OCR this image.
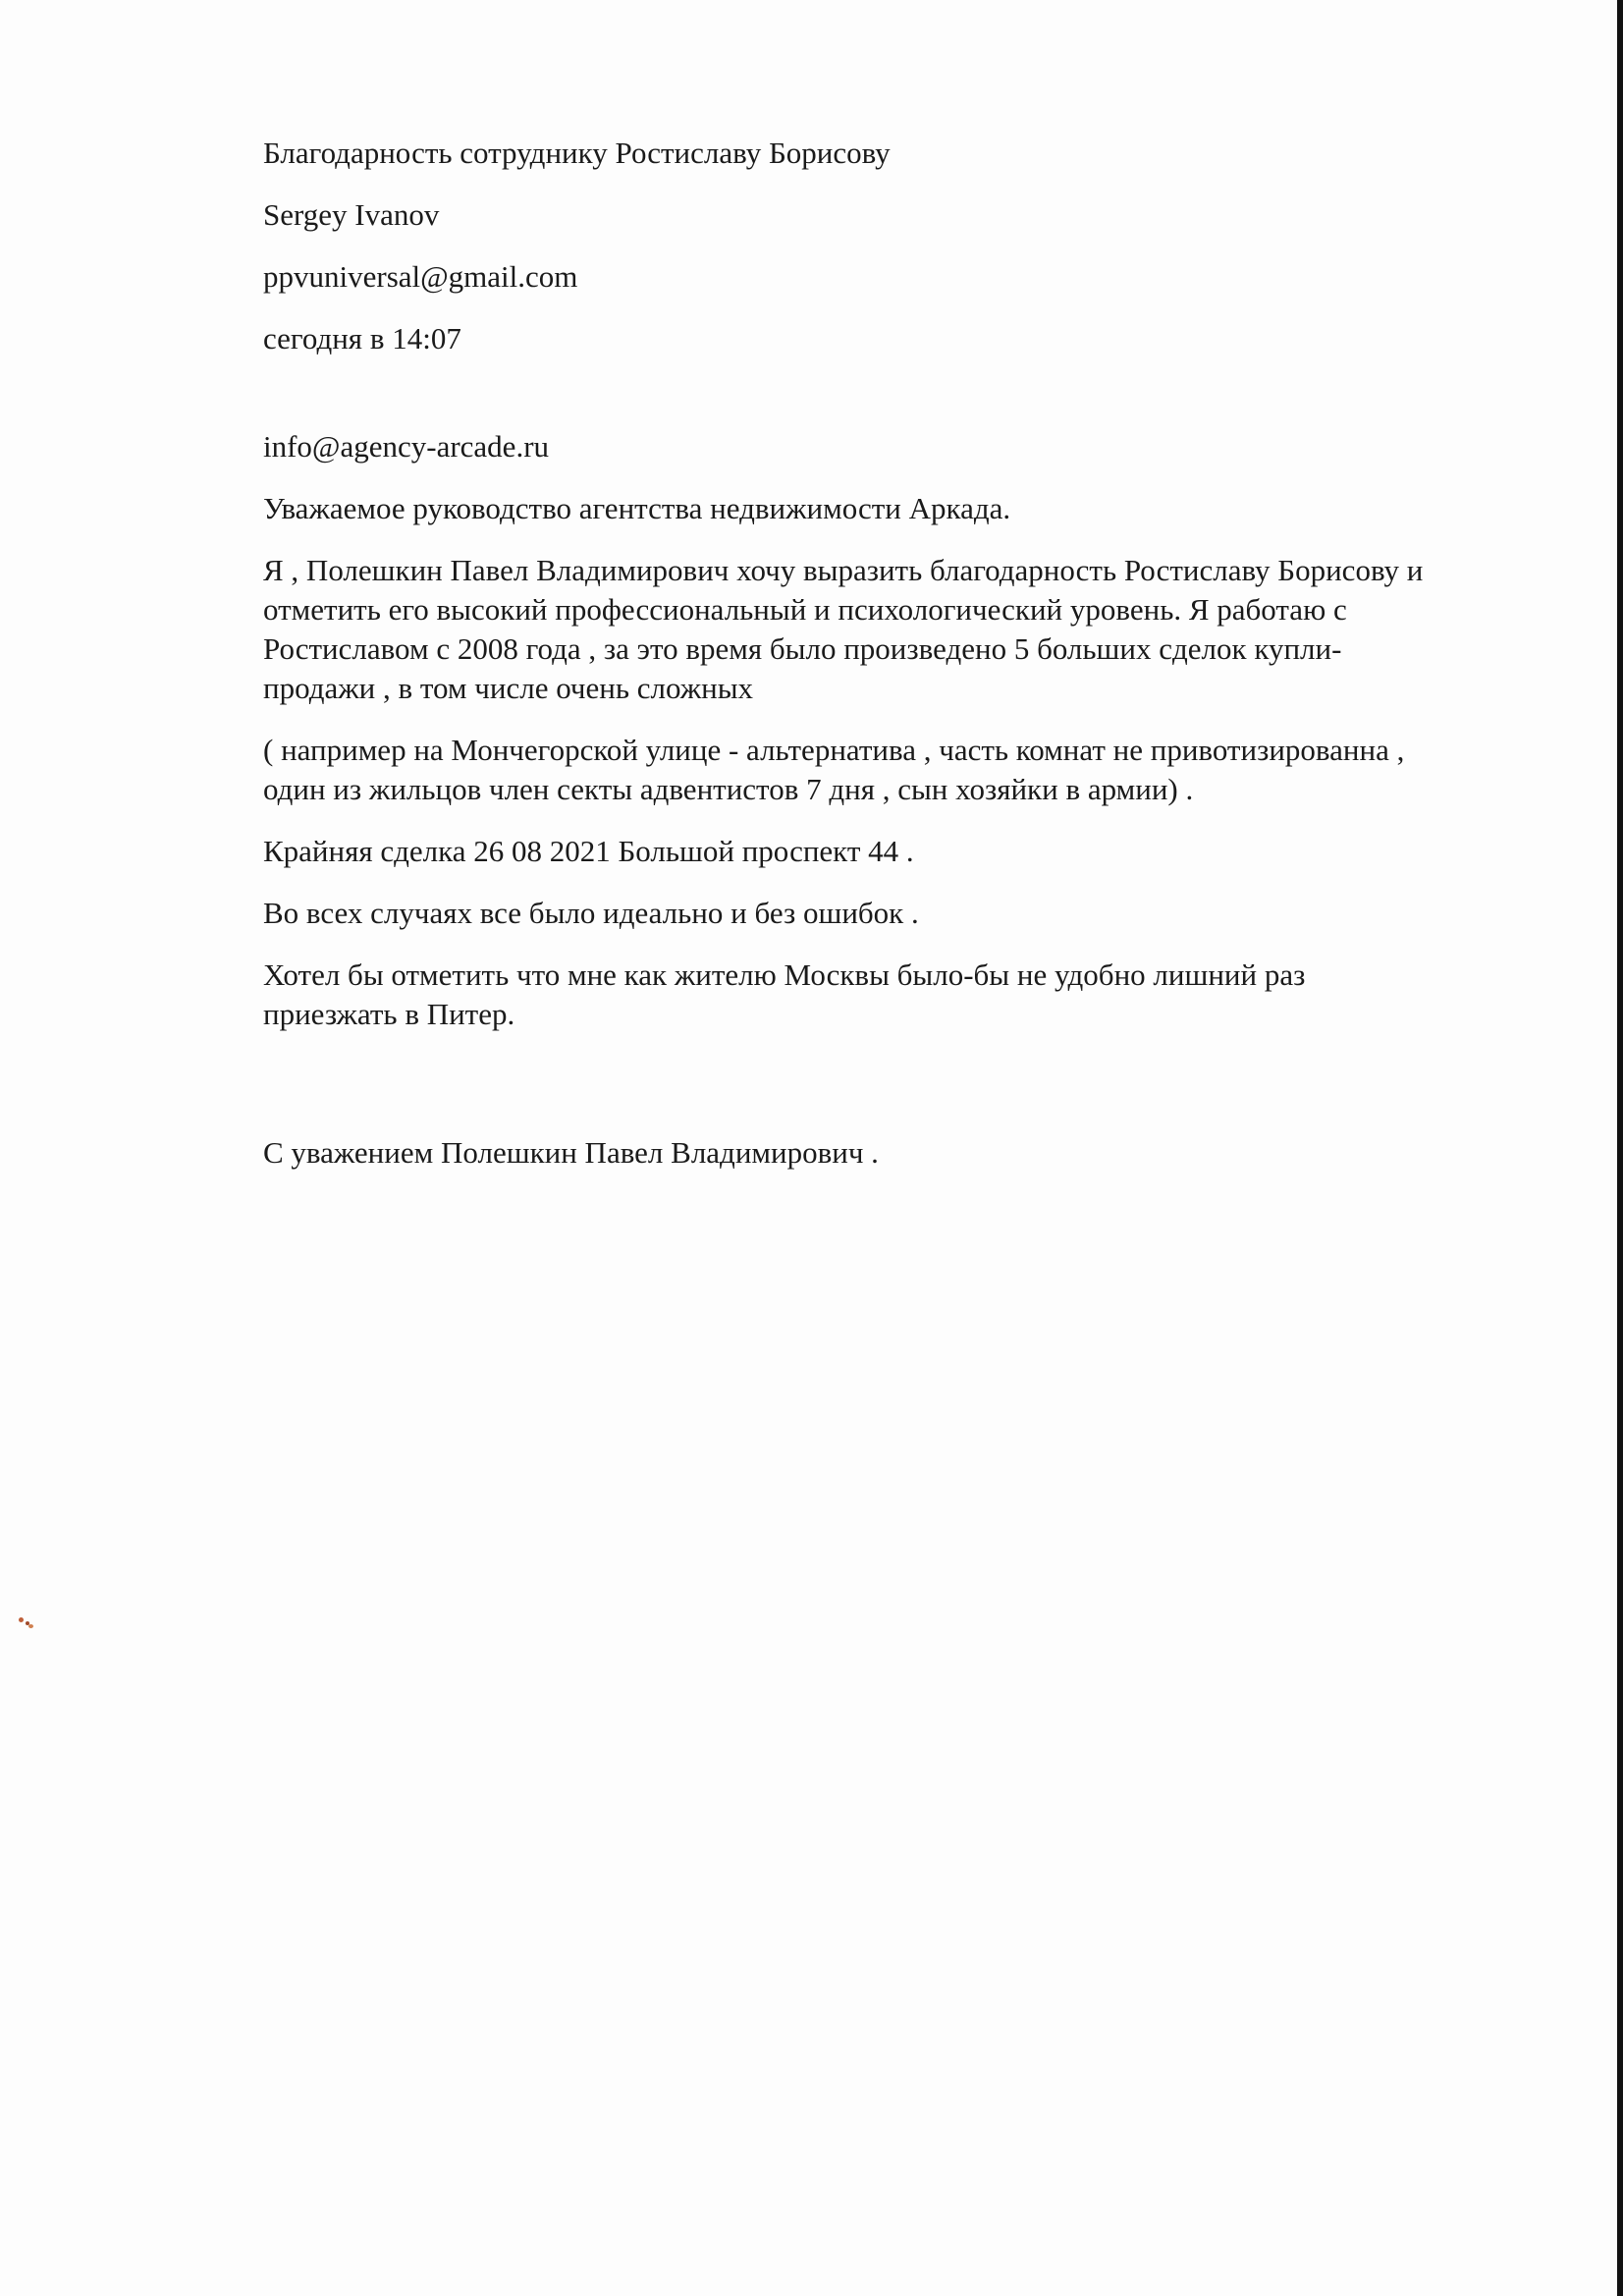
Благодарность сотруднику Ростиславу Борисову

Sergey Ivanov

ppvuniversal@gmail.com

сегодня в 14:07

info@agency-arcade.ru

Уважаемое руководство агентства недвижимости Аркада.

Я , Полешкин Павел Владимирович хочу выразить благодарность Ростиславу Борисову и

отметить его высокий профессиональный и психологический уровень. Я работаю с

Ростиславом с 2008 года , за это время было произведено 5 больших сделок купли-

продажи , в том числе очень сложных

( например на Мончегорской улице - альтернатива , часть комнат не привотизированна ,

один из жильцов член секты адвентистов 7 дня , сын хозяйки в армии) .

Крайняя сделка 26 08 2021 Большой проспект 44 .

Во всех случаях все было идеально и без ошибок .

Хотел бы отметить что мне как жителю Москвы было-бы не удобно лишний раз

приезжать в Питер.

С уважением Полешкин Павел Владимирович .
